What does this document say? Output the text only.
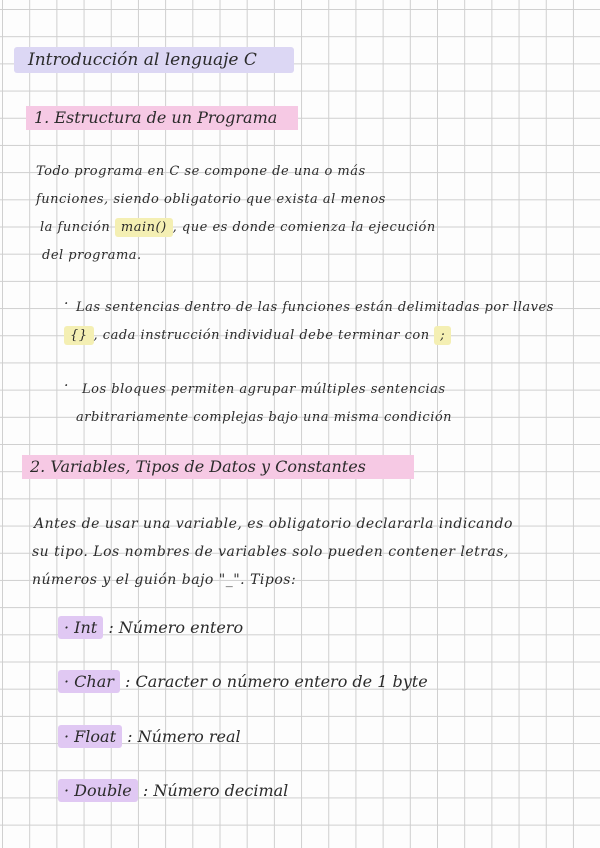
Introducción al lenguaje C
1. Estructura de un Programa
Todo programa en C se compone de una o más
funciones, siendo obligatorio que exista al menos
la función main() , que es donde comienza la ejecución
del programa.
· Las sentencias dentro de las funciones están delimitadas por llaves
{} , cada instrucción individual debe terminar con ;
· Los bloques permiten agrupar múltiples sentencias
arbitrariamente complejas bajo una misma condición
2. Variables, Tipos de Datos y Constantes
Antes de usar una variable, es obligatorio declararla indicando
su tipo. Los nombres de variables solo pueden contener letras,
números y el guión bajo "_". Tipos:
· Int : Número entero
· Char : Caracter o número entero de 1 byte
· Float : Número real
· Double : Número decimal
